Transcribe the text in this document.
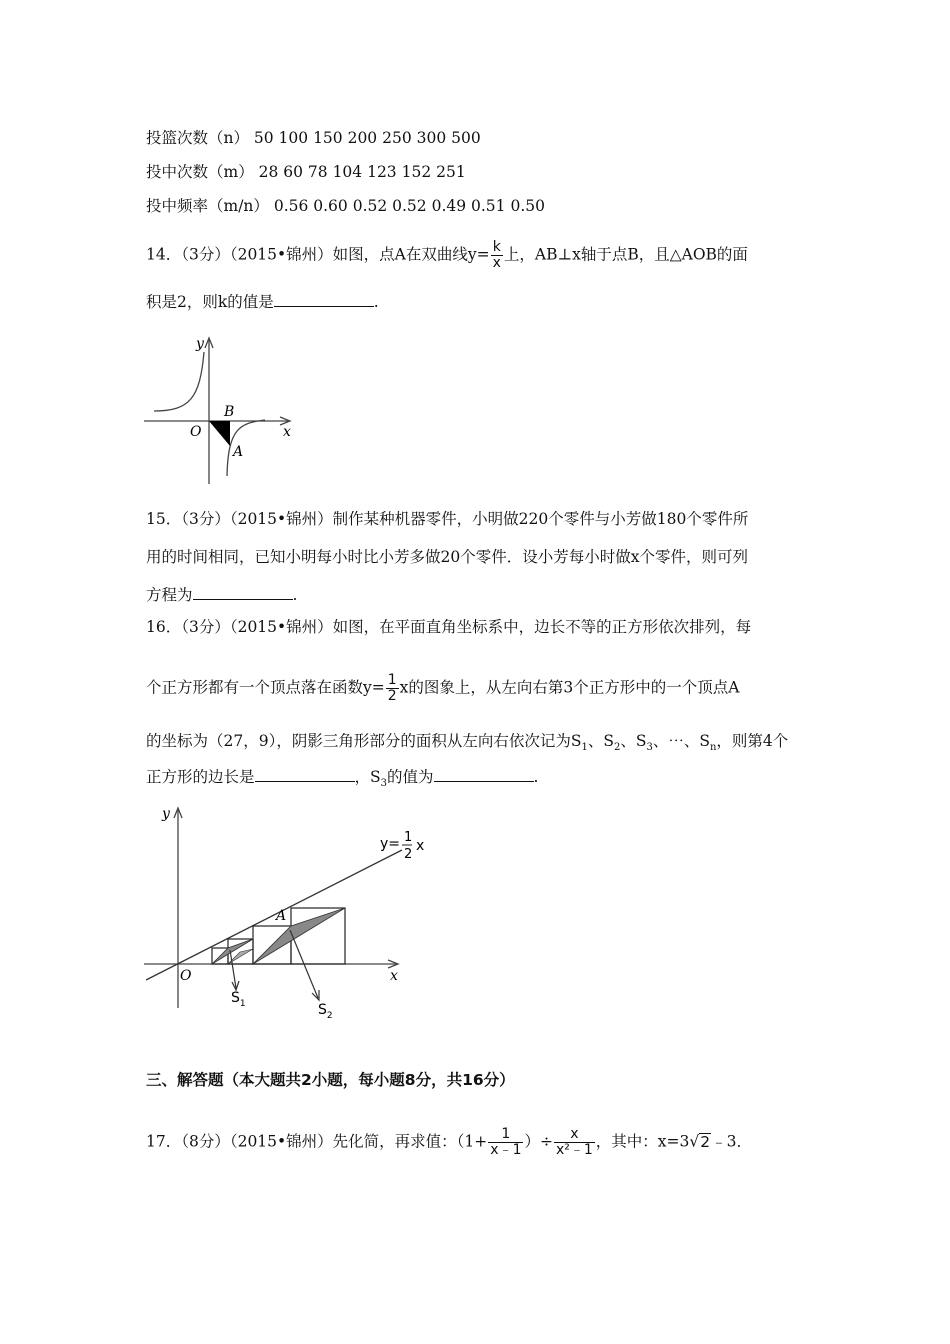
投篮次数（n） 50 100 150 200 250 300 500
投中次数（m） 28 60 78 104 123 152 251
投中频率（m/n） 0.56 0.60 0.52 0.52 0.49 0.51 0.50
14．（3分）（2015•锦州）如图，点A在双曲线$y= \frac{k}{x}$ 上，AB⊥x轴于点B，且△AOB的面
积是2，则k的值是	.
y
x
O
B
A
15．（3分）（2015•锦州）制作某种机器零件，小明做220个零件与小芳做180个零件所
用的时间相同，已知小明每小时比小芳多做20个零件．设小芳每小时做x个零件，则可列
方程为	.
16．（3分）（2015•锦州）如图，在平面直角坐标系中，边长不等的正方形依次排列，每
个正方形都有一个顶点落在函数$y= \frac{1}{2}$ x的图象上，从左向右第3个正方形中的一个顶点A
的坐标为（27，9），阴影三角形部分的面积从左向右依次记为$S_1$、$S_2$、$S_3$、⋯、$S_n$，则第4个
正方形的边长是	，$S_3$的值为	.
y
x
O
A
y= 1
2
x
$S_1$	$S_2$
三、解答题（本大题共2小题，每小题8分，共16分）
17．（8分）（2015•锦州）先化简，再求值：（$1+ \frac{1}{x﹣1}$ ）÷ $\frac{x}{\text{x²﹣1}}$ ，其中：x=3√2﹣3．
